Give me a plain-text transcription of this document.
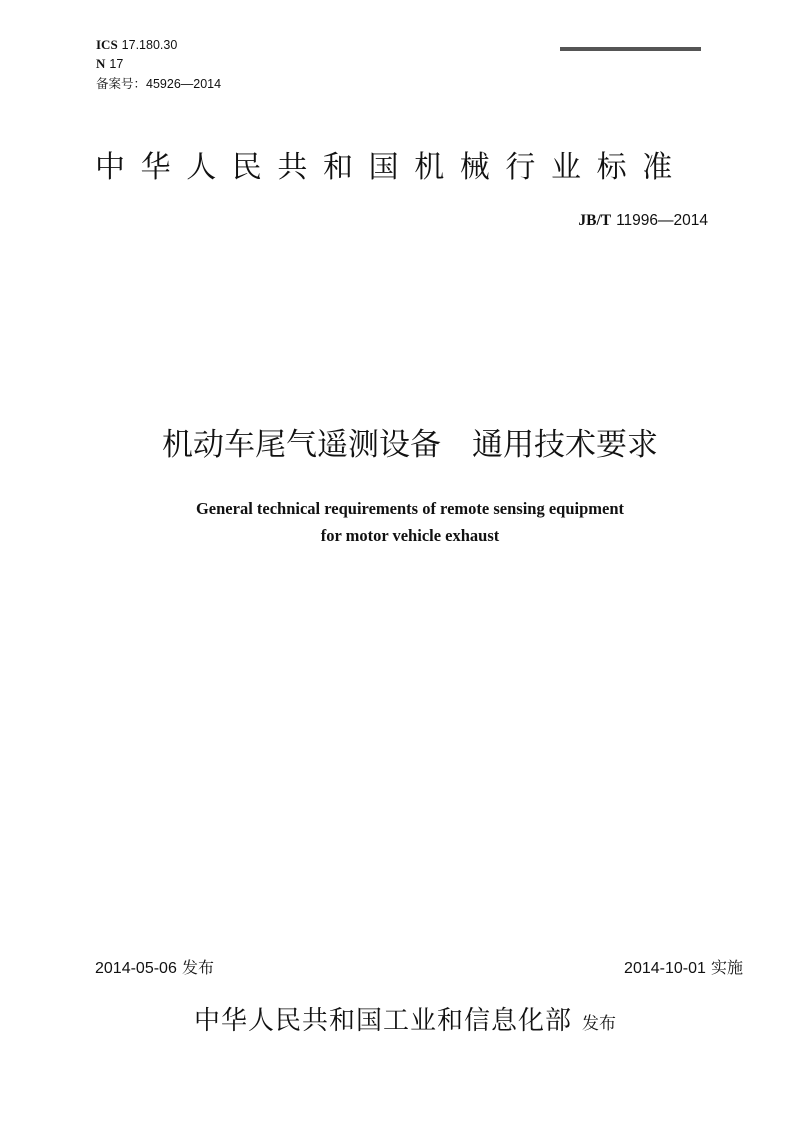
ICS 17.180.30
N 17
备案号：45926—2014
中华人民共和国机械行业标准
JB/T 11996—2014
机动车尾气遥测设备　通用技术要求
General technical requirements of remote sensing equipment
for motor vehicle exhaust
2014-05-06 发布	2014-10-01 实施
中华人民共和国工业和信息化部 发布
